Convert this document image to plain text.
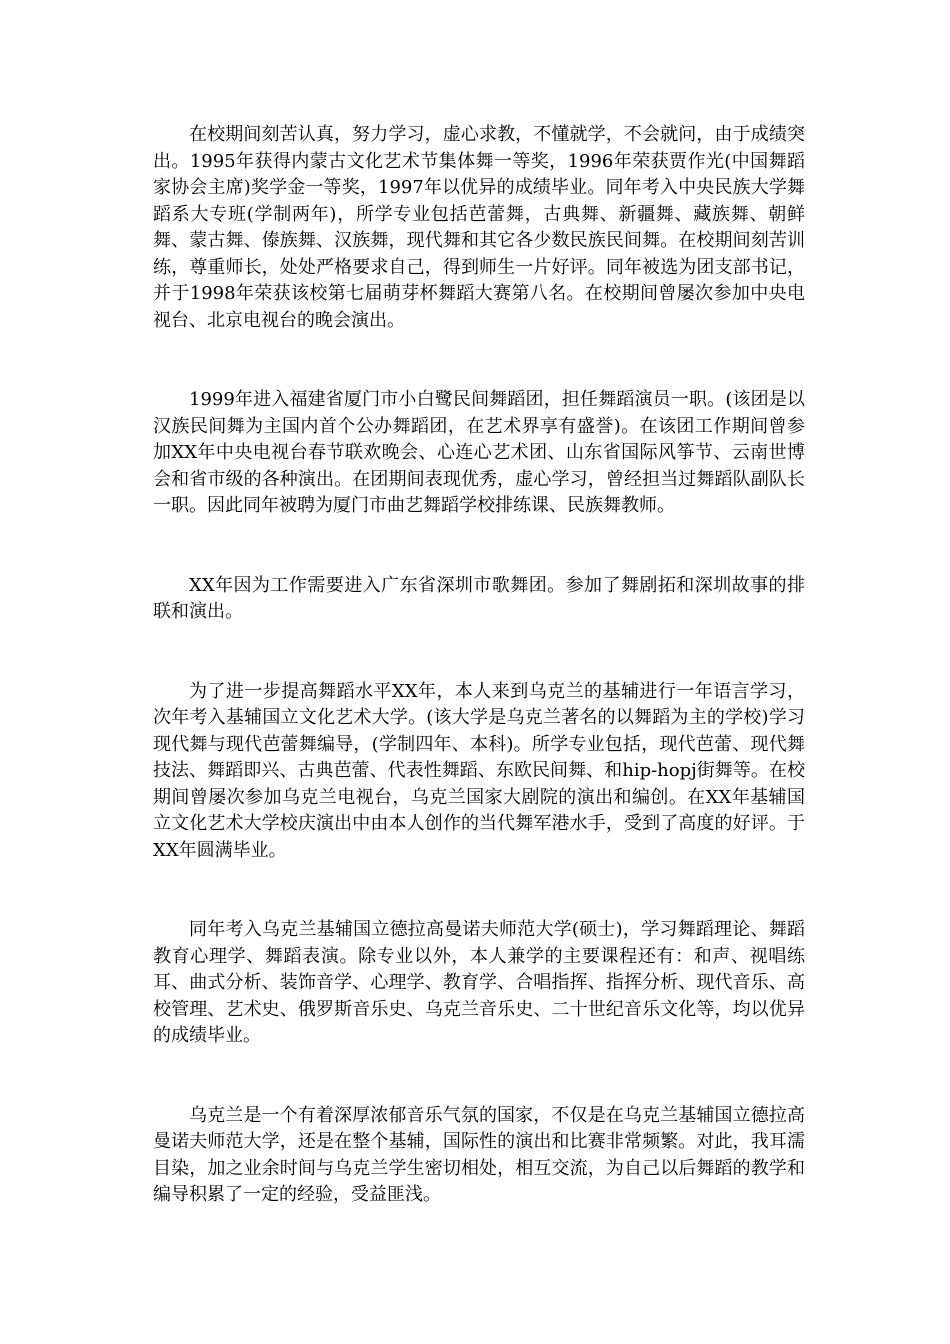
在校期间刻苦认真，努力学习，虚心求教，不懂就学，不会就问，由于成绩突出。1995年获得内蒙古文化艺术节集体舞一等奖，1996年荣获贾作光(中国舞蹈家协会主席)奖学金一等奖，1997年以优异的成绩毕业。同年考入中央民族大学舞蹈系大专班(学制两年)，所学专业包括芭蕾舞，古典舞、新疆舞、藏族舞、朝鲜舞、蒙古舞、傣族舞、汉族舞，现代舞和其它各少数民族民间舞。在校期间刻苦训练，尊重师长，处处严格要求自己，得到师生一片好评。同年被选为团支部书记，并于1998年荣获该校第七届萌芽杯舞蹈大赛第八名。在校期间曾屡次参加中央电视台、北京电视台的晚会演出。

1999年进入福建省厦门市小白鹭民间舞蹈团，担任舞蹈演员一职。(该团是以汉族民间舞为主国内首个公办舞蹈团，在艺术界享有盛誉)。在该团工作期间曾参加XX年中央电视台春节联欢晚会、心连心艺术团、山东省国际风筝节、云南世博会和省市级的各种演出。在团期间表现优秀，虚心学习，曾经担当过舞蹈队副队长一职。因此同年被聘为厦门市曲艺舞蹈学校排练课、民族舞教师。

XX年因为工作需要进入广东省深圳市歌舞团。参加了舞剧拓和深圳故事的排联和演出。

为了进一步提高舞蹈水平XX年，本人来到乌克兰的基辅进行一年语言学习，次年考入基辅国立文化艺术大学。(该大学是乌克兰著名的以舞蹈为主的学校)学习现代舞与现代芭蕾舞编导，(学制四年、本科)。所学专业包括，现代芭蕾、现代舞技法、舞蹈即兴、古典芭蕾、代表性舞蹈、东欧民间舞、和hip-hopj街舞等。在校期间曾屡次参加乌克兰电视台，乌克兰国家大剧院的演出和编创。在XX年基辅国立文化艺术大学校庆演出中由本人创作的当代舞军港水手，受到了高度的好评。于XX年圆满毕业。

同年考入乌克兰基辅国立德拉高曼诺夫师范大学(硕士)，学习舞蹈理论、舞蹈教育心理学、舞蹈表演。除专业以外，本人兼学的主要课程还有：和声、视唱练耳、曲式分析、装饰音学、心理学、教育学、合唱指挥、指挥分析、现代音乐、高校管理、艺术史、俄罗斯音乐史、乌克兰音乐史、二十世纪音乐文化等，均以优异的成绩毕业。

乌克兰是一个有着深厚浓郁音乐气氛的国家，不仅是在乌克兰基辅国立德拉高曼诺夫师范大学，还是在整个基辅，国际性的演出和比赛非常频繁。对此，我耳濡目染，加之业余时间与乌克兰学生密切相处，相互交流，为自己以后舞蹈的教学和编导积累了一定的经验，受益匪浅。
